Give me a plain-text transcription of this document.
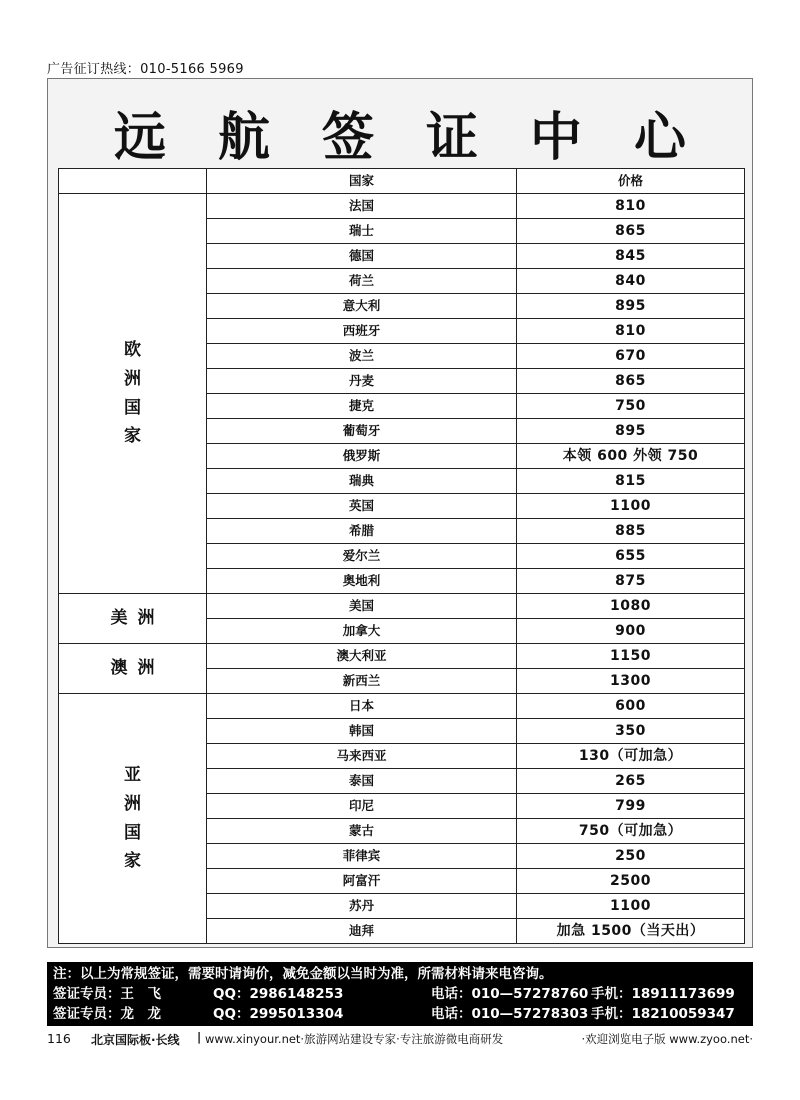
广告征订热线：010-5166 5969
远航签证中心
	国家	价格
欧
洲
国
家	法国	810
	瑞士	865
	德国	845
	荷兰	840
	意大利	895
	西班牙	810
	波兰	670
	丹麦	865
	捷克	750
	葡萄牙	895
	俄罗斯	本领 600 外领 750
	瑞典	815
	英国	1100
	希腊	885
	爱尔兰	655
	奥地利	875
美洲	美国	1080
	加拿大	900
澳洲	澳大利亚	1150
	新西兰	1300
亚
洲
国
家	日本	600
	韩国	350
	马来西亚	130（可加急）
	泰国	265
	印尼	799
	蒙古	750（可加急）
	菲律宾	250
	阿富汗	2500
	苏丹	1100
	迪拜	加急 1500（当天出）
注：以上为常规签证，需要时请询价，减免金额以当时为准，所需材料请来电咨询。
签证专员：王　飞	QQ：2986148253	电话：010—57278760 手机：18911173699
签证专员：龙　龙	QQ：2995013304	电话：010—57278303 手机：18210059347
116 北京国际板·长线 | www.xinyour.net·旅游网站建设专家·专注旅游微电商研发	·欢迎浏览电子版 www.zyoo.net·
